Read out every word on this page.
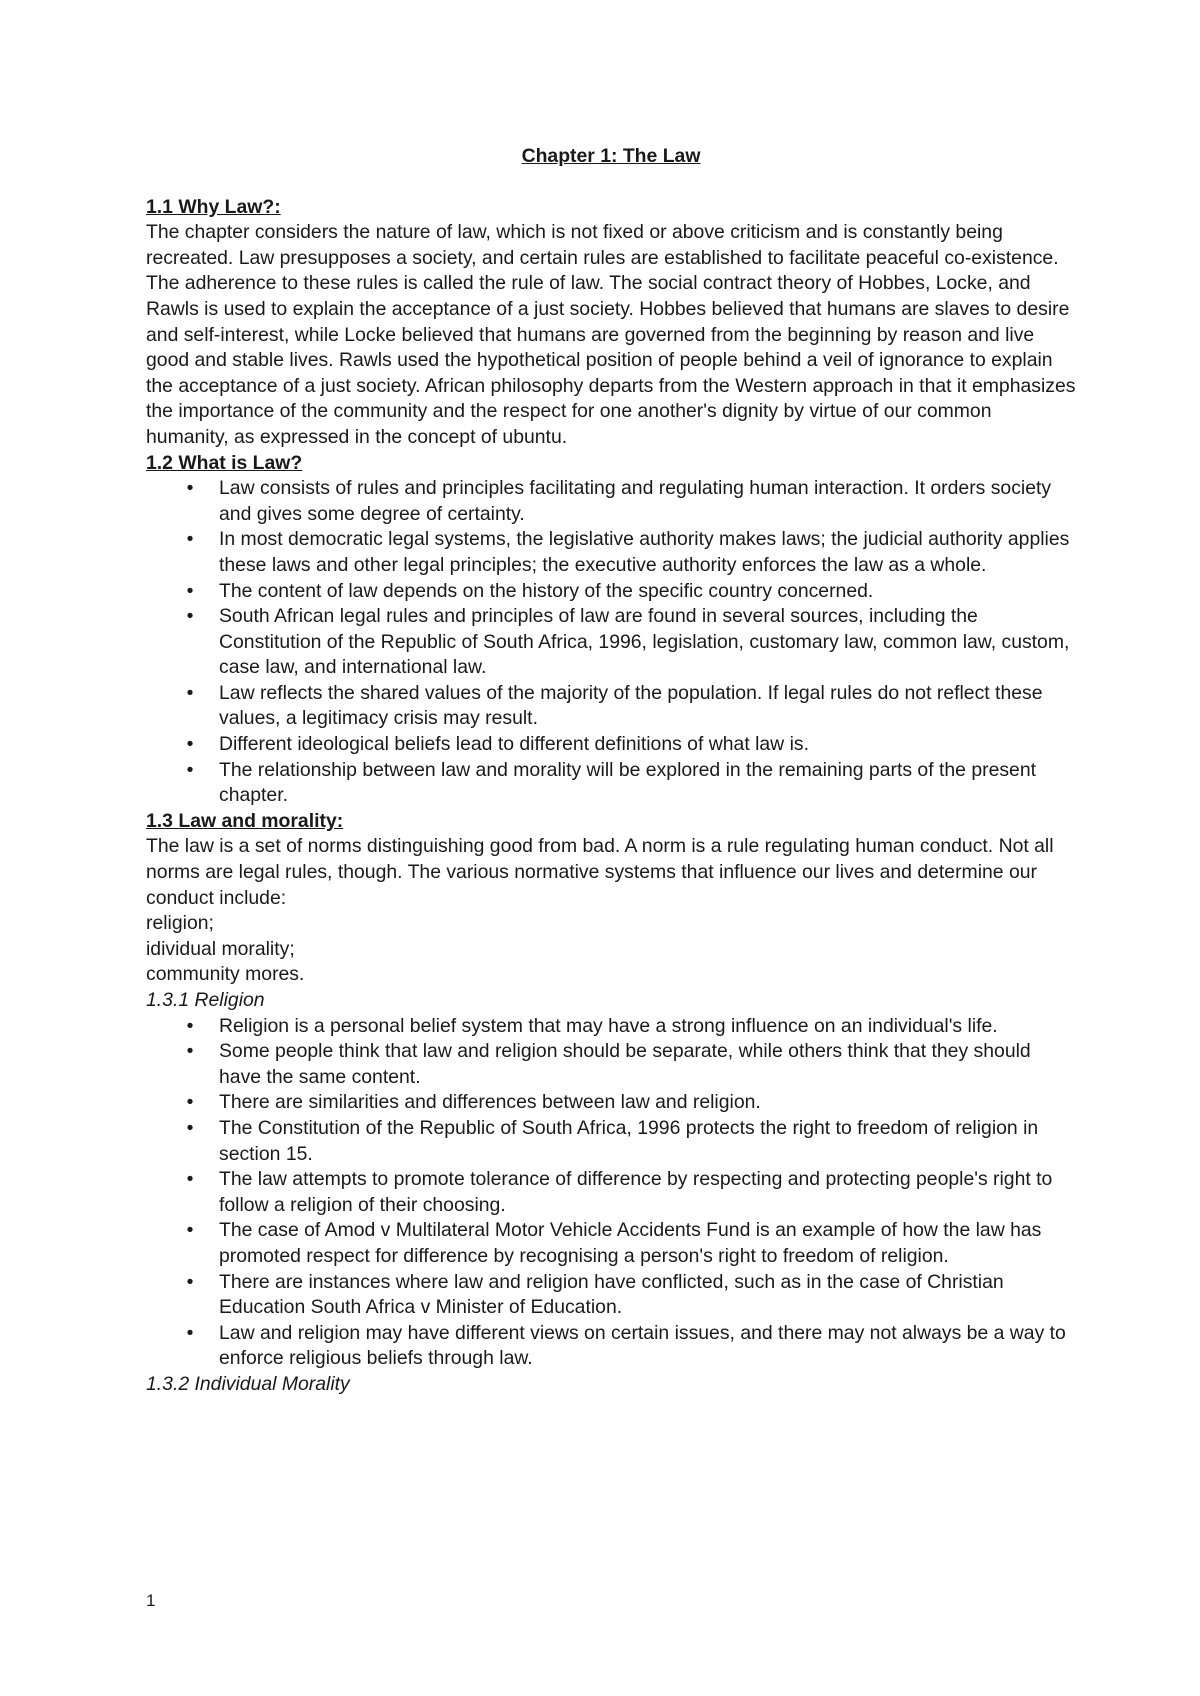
Chapter 1: The Law

1.1 Why Law?:

The chapter considers the nature of law, which is not fixed or above criticism and is constantly being recreated. Law presupposes a society, and certain rules are established to facilitate peaceful co-existence. The adherence to these rules is called the rule of law. The social contract theory of Hobbes, Locke, and Rawls is used to explain the acceptance of a just society. Hobbes believed that humans are slaves to desire and self-interest, while Locke believed that humans are governed from the beginning by reason and live good and stable lives. Rawls used the hypothetical position of people behind a veil of ignorance to explain the acceptance of a just society. African philosophy departs from the Western approach in that it emphasizes the importance of the community and the respect for one another's dignity by virtue of our common humanity, as expressed in the concept of ubuntu.

1.2 What is Law?

• Law consists of rules and principles facilitating and regulating human interaction. It orders society and gives some degree of certainty.
• In most democratic legal systems, the legislative authority makes laws; the judicial authority applies these laws and other legal principles; the executive authority enforces the law as a whole.
• The content of law depends on the history of the specific country concerned.
• South African legal rules and principles of law are found in several sources, including the Constitution of the Republic of South Africa, 1996, legislation, customary law, common law, custom, case law, and international law.
• Law reflects the shared values of the majority of the population. If legal rules do not reflect these values, a legitimacy crisis may result.
• Different ideological beliefs lead to different definitions of what law is.
• The relationship between law and morality will be explored in the remaining parts of the present chapter.

1.3 Law and morality:

The law is a set of norms distinguishing good from bad. A norm is a rule regulating human conduct. Not all norms are legal rules, though. The various normative systems that influence our lives and determine our conduct include:

religion;

idividual morality;

community mores.

1.3.1 Religion

• Religion is a personal belief system that may have a strong influence on an individual's life.
• Some people think that law and religion should be separate, while others think that they should have the same content.
• There are similarities and differences between law and religion.
• The Constitution of the Republic of South Africa, 1996 protects the right to freedom of religion in section 15.
• The law attempts to promote tolerance of difference by respecting and protecting people's right to follow a religion of their choosing.
• The case of Amod v Multilateral Motor Vehicle Accidents Fund is an example of how the law has promoted respect for difference by recognising a person's right to freedom of religion.
• There are instances where law and religion have conflicted, such as in the case of Christian Education South Africa v Minister of Education.
• Law and religion may have different views on certain issues, and there may not always be a way to enforce religious beliefs through law.

1.3.2 Individual Morality

1
